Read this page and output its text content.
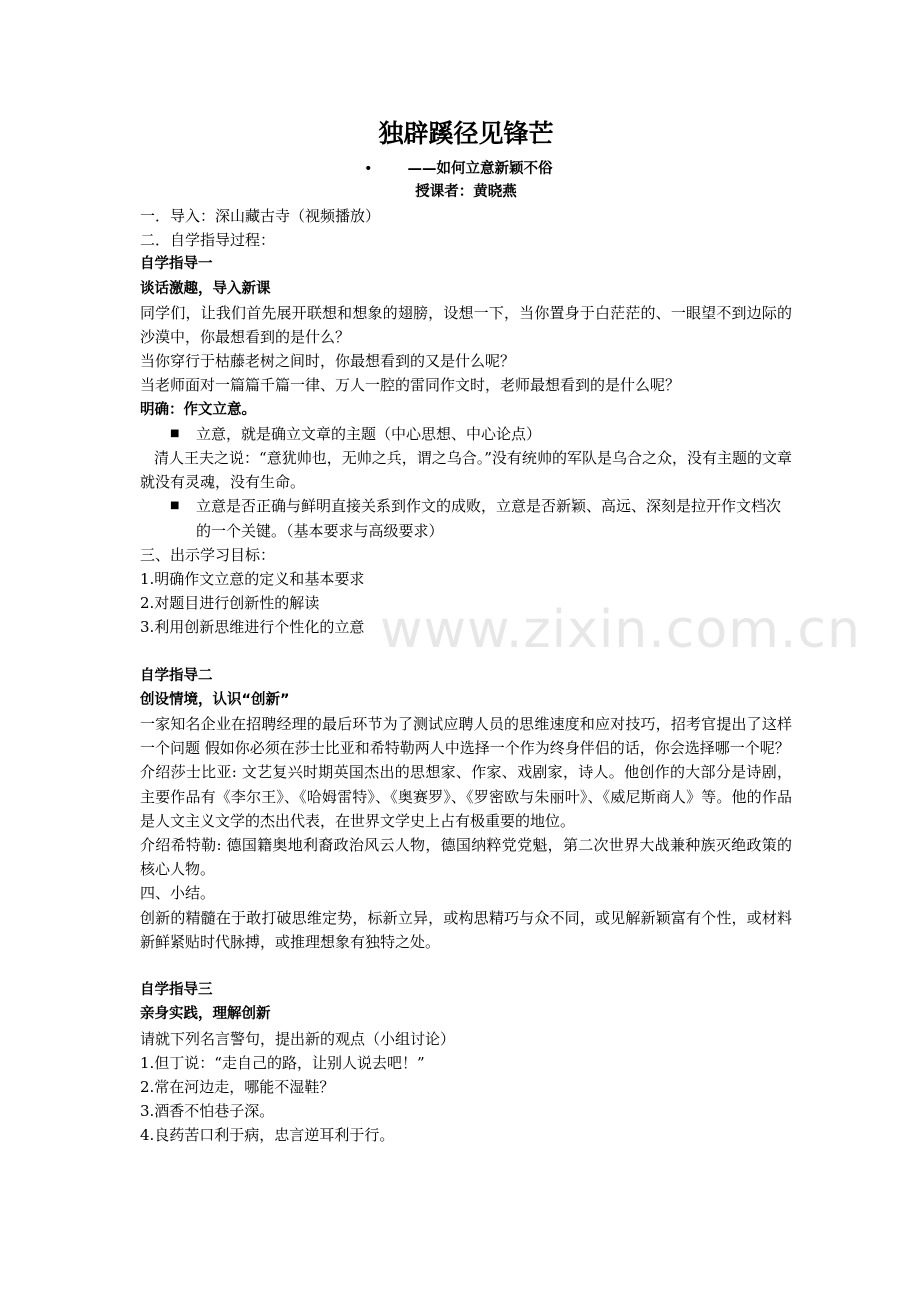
www.zixin.com.cn
独辟蹊径见锋芒
• ——如何立意新颖不俗
授课者：黄晓燕

一．导入：深山藏古寺（视频播放）

二．自学指导过程：

自学指导一

谈话激趣，导入新课

同学们，让我们首先展开联想和想象的翅膀，设想一下，当你置身于白茫茫的、一眼望不到边际的沙漠中，你最想看到的是什么？

当你穿行于枯藤老树之间时，你最想看到的又是什么呢？

当老师面对一篇篇千篇一律、万人一腔的雷同作文时，老师最想看到的是什么呢？

明确：作文立意。

■ 立意，就是确立文章的主题（中心思想、中心论点）

清人王夫之说：“意犹帅也，无帅之兵，谓之乌合。”没有统帅的军队是乌合之众，没有主题的文章就没有灵魂，没有生命。

■ 立意是否正确与鲜明直接关系到作文的成败，立意是否新颖、高远、深刻是拉开作文档次的一个关键。（基本要求与高级要求）

三、出示学习目标：

1.明确作文立意的定义和基本要求

2.对题目进行创新性的解读

3.利用创新思维进行个性化的立意

自学指导二

创设情境，认识“创新”

一家知名企业在招聘经理的最后环节为了测试应聘人员的思维速度和应对技巧，招考官提出了这样一个问题 假如你必须在莎士比亚和希特勒两人中选择一个作为终身伴侣的话，你会选择哪一个呢？

介绍莎士比亚: 文艺复兴时期英国杰出的思想家、作家、戏剧家，诗人。他创作的大部分是诗剧，主要作品有《李尔王》、《哈姆雷特》、《奥赛罗》、《罗密欧与朱丽叶》、《威尼斯商人》等。他的作品是人文主义文学的杰出代表，在世界文学史上占有极重要的地位。

介绍希特勒: 德国籍奥地利裔政治风云人物，德国纳粹党党魁，第二次世界大战兼种族灭绝政策的核心人物。

四、小结。

创新的精髓在于敢打破思维定势，标新立异，或构思精巧与众不同，或见解新颖富有个性，或材料新鲜紧贴时代脉搏，或推理想象有独特之处。

自学指导三

亲身实践，理解创新

请就下列名言警句，提出新的观点（小组讨论）

1.但丁说：“走自己的路，让别人说去吧！”

2.常在河边走，哪能不湿鞋？

3.酒香不怕巷子深。

4.良药苦口利于病，忠言逆耳利于行。
